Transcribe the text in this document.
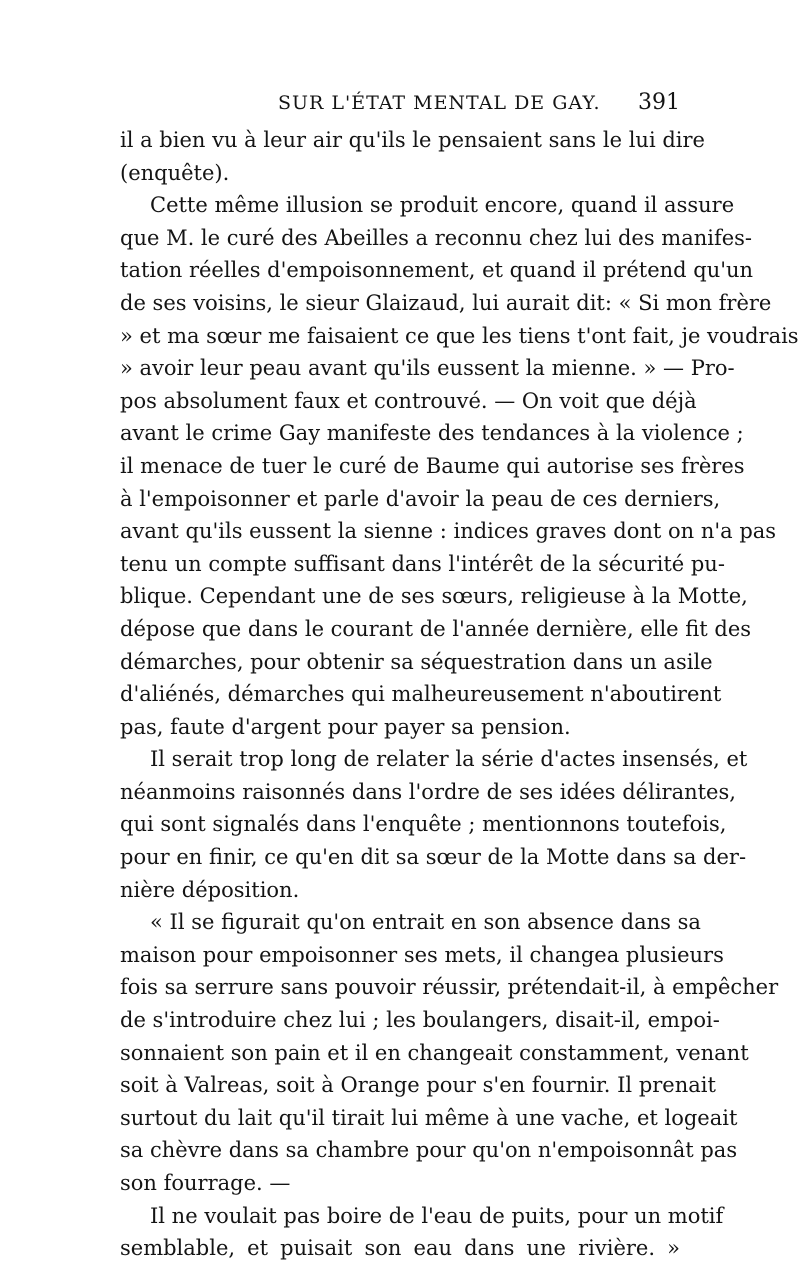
SUR L'ÉTAT MENTAL DE GAY. 391
il a bien vu à leur air qu'ils le pensaient sans le lui dire
(enquête).
Cette même illusion se produit encore, quand il assure
que M. le curé des Abeilles a reconnu chez lui des manifes-
tation réelles d'empoisonnement, et quand il prétend qu'un
de ses voisins, le sieur Glaizaud, lui aurait dit: « Si mon frère
» et ma sœur me faisaient ce que les tiens t'ont fait, je voudrais
» avoir leur peau avant qu'ils eussent la mienne. » — Pro-
pos absolument faux et controuvé. — On voit que déjà
avant le crime Gay manifeste des tendances à la violence ;
il menace de tuer le curé de Baume qui autorise ses frères
à l'empoisonner et parle d'avoir la peau de ces derniers,
avant qu'ils eussent la sienne : indices graves dont on n'a pas
tenu un compte suffisant dans l'intérêt de la sécurité pu-
blique. Cependant une de ses sœurs, religieuse à la Motte,
dépose que dans le courant de l'année dernière, elle fit des
démarches, pour obtenir sa séquestration dans un asile
d'aliénés, démarches qui malheureusement n'aboutirent
pas, faute d'argent pour payer sa pension.
Il serait trop long de relater la série d'actes insensés, et
néanmoins raisonnés dans l'ordre de ses idées délirantes,
qui sont signalés dans l'enquête ; mentionnons toutefois,
pour en finir, ce qu'en dit sa sœur de la Motte dans sa der-
nière déposition.
« Il se figurait qu'on entrait en son absence dans sa
maison pour empoisonner ses mets, il changea plusieurs
fois sa serrure sans pouvoir réussir, prétendait-il, à empêcher
de s'introduire chez lui ; les boulangers, disait-il, empoi-
sonnaient son pain et il en changeait constamment, venant
soit à Valreas, soit à Orange pour s'en fournir. Il prenait
surtout du lait qu'il tirait lui même à une vache, et logeait
sa chèvre dans sa chambre pour qu'on n'empoisonnât pas
son fourrage. —
Il ne voulait pas boire de l'eau de puits, pour un motif
semblable, et puisait son eau dans une rivière. »
